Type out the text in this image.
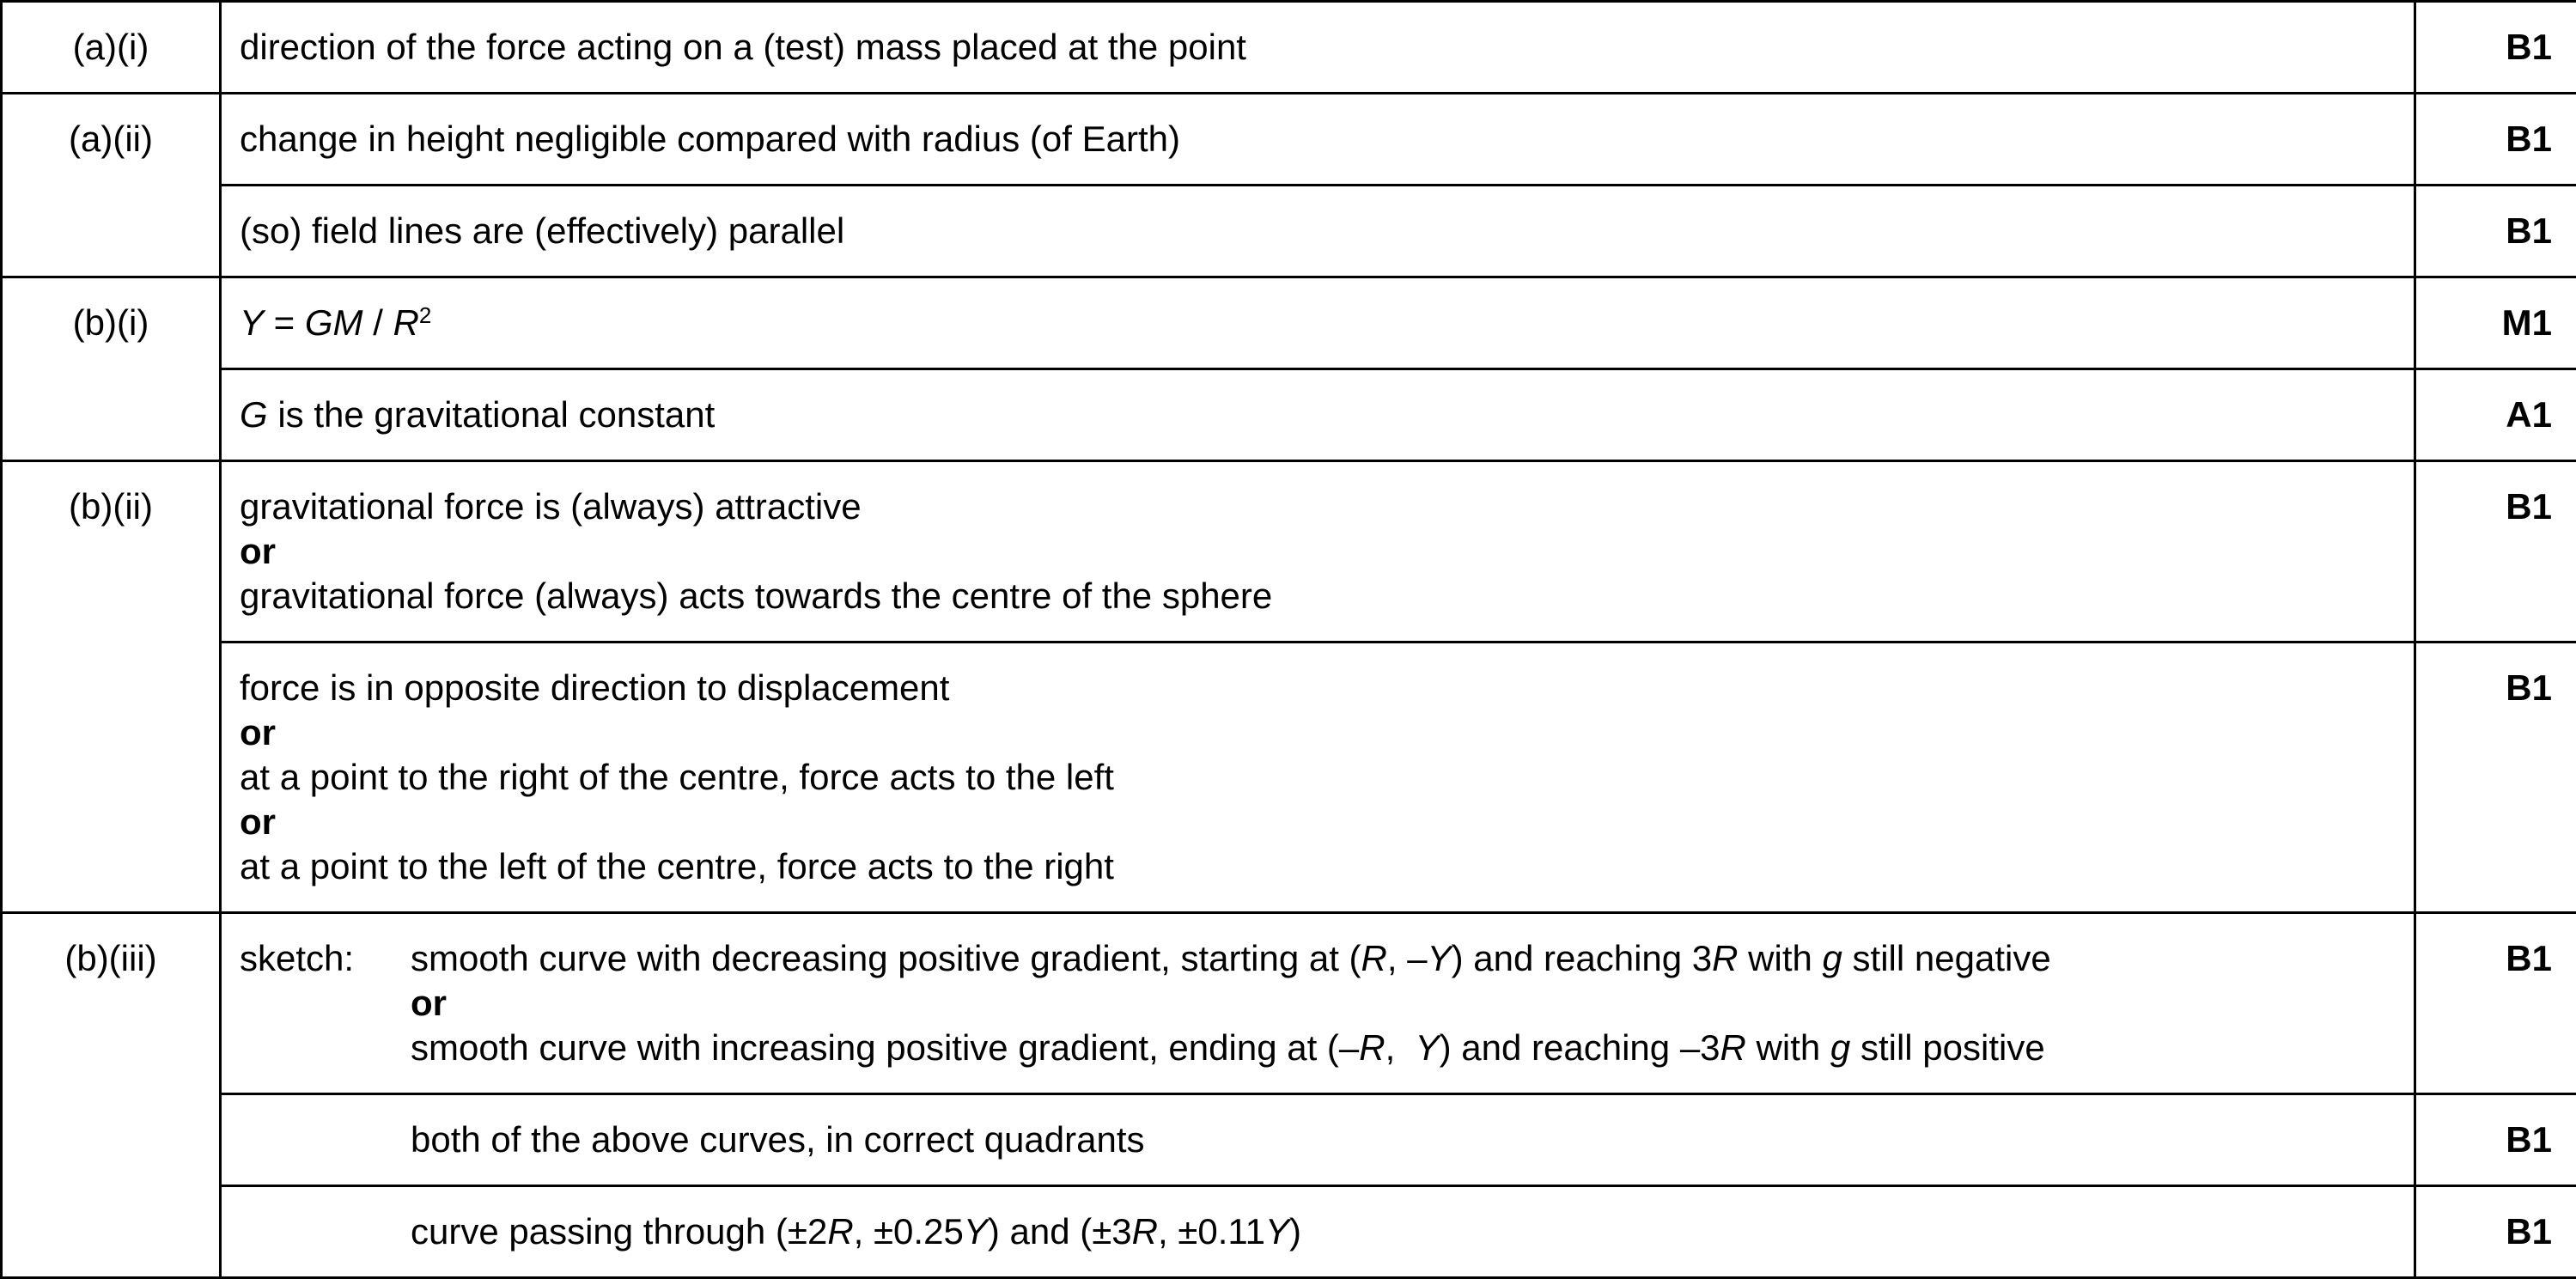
(a)(i)	direction of the force acting on a (test) mass placed at the point	B1
(a)(ii)	change in height negligible compared with radius (of Earth)	B1
	(so) field lines are (effectively) parallel	B1
(b)(i)	Y = GM / $R^2$	M1
	G is the gravitational constant	A1
(b)(ii)	gravitational force is (always) attractive
or
gravitational force (always) acts towards the centre of the sphere	B1

	force is in opposite direction to displacement
or
at a point to the right of the centre, force acts to the left
or
at a point to the left of the centre, force acts to the right	B1
(b)(iii)	sketch: smooth curve with decreasing positive gradient, starting at (R, –Y) and reaching 3R with g still negative
or
smooth curve with increasing positive gradient, ending at (–R,  Y) and reaching –3R with g still positive	B1

	both of the above curves, in correct quadrants	B1

	curve passing through (±2R, ±0.25Y) and (±3R, ±0.11Y)	B1
